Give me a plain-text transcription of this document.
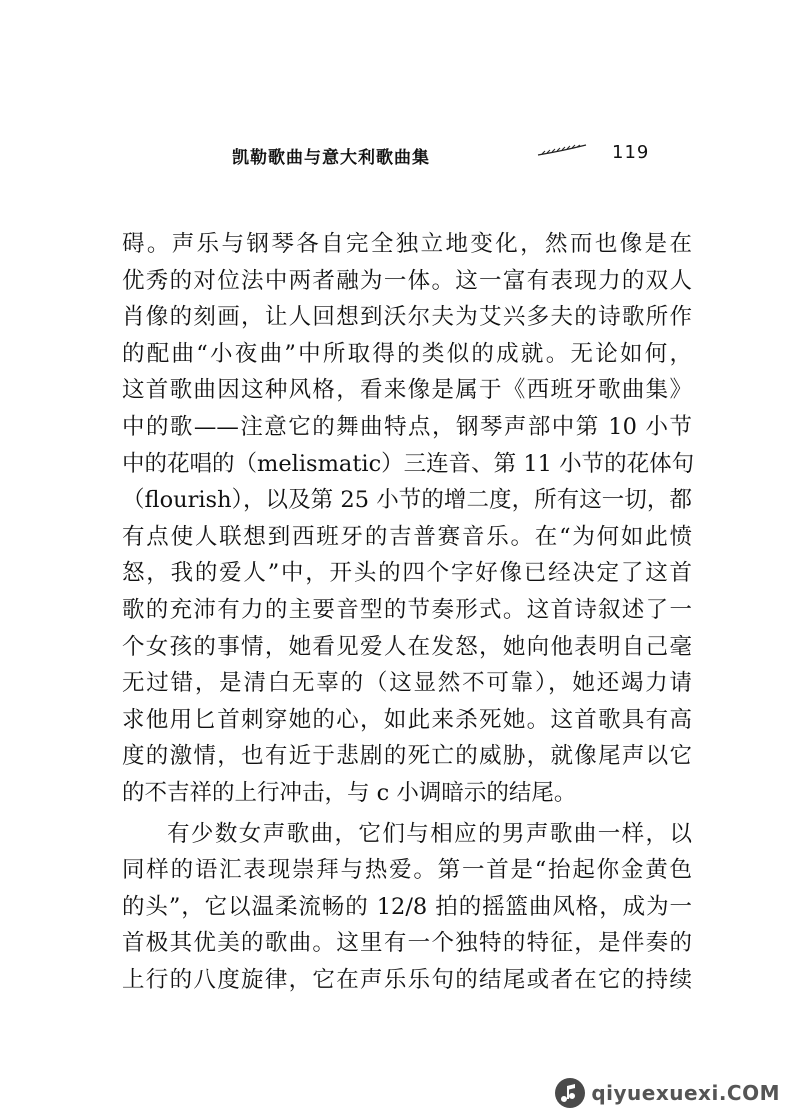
凯勒歌曲与意大利歌曲集	119
碍。声乐与钢琴各自完全独立地变化，然而也像是在
优秀的对位法中两者融为一体。这一富有表现力的双人
肖像的刻画，让人回想到沃尔夫为艾兴多夫的诗歌所作
的配曲“小夜曲”中所取得的类似的成就。无论如何，
这首歌曲因这种风格，看来像是属于《西班牙歌曲集》
中的歌——注意它的舞曲特点，钢琴声部中第 10 小节
中的花唱的（melismatic）三连音、第 11 小节的花体句
（flourish），以及第 25 小节的增二度，所有这一切，都
有点使人联想到西班牙的吉普赛音乐。在“为何如此愤
怒，我的爱人”中，开头的四个字好像已经决定了这首
歌的充沛有力的主要音型的节奏形式。这首诗叙述了一
个女孩的事情，她看见爱人在发怒，她向他表明自己毫
无过错，是清白无辜的（这显然不可靠），她还竭力请
求他用匕首刺穿她的心，如此来杀死她。这首歌具有高
度的激情，也有近于悲剧的死亡的威胁，就像尾声以它
的不吉祥的上行冲击，与 c 小调暗示的结尾。
有少数女声歌曲，它们与相应的男声歌曲一样，以
同样的语汇表现崇拜与热爱。第一首是“抬起你金黄色
的头”，它以温柔流畅的 12/8 拍的摇篮曲风格，成为一
首极其优美的歌曲。这里有一个独特的特征，是伴奏的
上行的八度旋律，它在声乐乐句的结尾或者在它的持续
qiyuexuexi.COM
